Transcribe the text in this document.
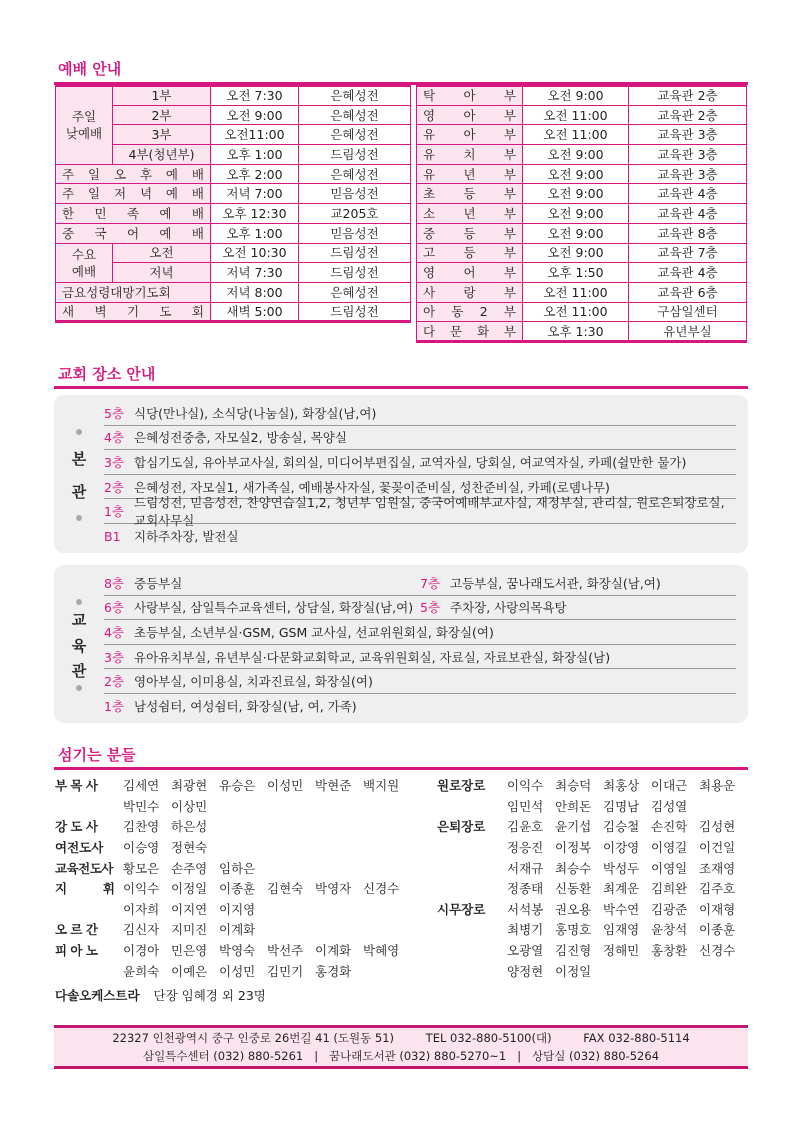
예배 안내
주일
낮예배	1부	오전 7:30	은혜성전
	2부	오전 9:00	은혜성전
	3부	오전11:00	은혜성전
	4부(청년부)	오후 1:00	드림성전
주 일 오 후 예 배		오후 2:00	은혜성전
주 일 저 녁 예 배		저녁 7:00	믿음성전
한 민 족 예 배		오후 12:30	교205호
중 국 어 예 배		오후 1:00	믿음성전
수요
예배	오전	오전 10:30	드림성전
	저녁	저녁 7:30	드림성전
금요성령대망기도회		저녁 8:00	은혜성전
새 벽 기 도 회		새벽 5:00	드림성전
탁 아 부	오전 9:00	교육관 2층
영 아 부	오전 11:00	교육관 2층
유 아 부	오전 11:00	교육관 3층
유 치 부	오전 9:00	교육관 3층
유 년 부	오전 9:00	교육관 3층
초 등 부	오전 9:00	교육관 4층
소 년 부	오전 9:00	교육관 4층
중 등 부	오전 9:00	교육관 8층
고 등 부	오전 9:00	교육관 7층
영 어 부	오후 1:50	교육관 4층
사 랑 부	오전 11:00	교육관 6층
아 동 2 부	오전 11:00	구삼일센터
다 문 화 부	오후 1:30	유년부실
교회 장소 안내
본
관
5층 식당(만나실), 소식당(나눔실), 화장실(남,여)
4층 은혜성전중층, 자모실2, 방송실, 목양실
3층 합심기도실, 유아부교사실, 회의실, 미디어부편집실, 교역자실, 당회실, 여교역자실, 카페(쉴만한 물가)
2층 은혜성전, 자모실1, 새가족실, 예배봉사자실, 꽃꽂이준비실, 성찬준비실, 카페(로뎀나무)
1층
드림성전, 믿음성전, 찬양연습실1,2, 청년부 임원실, 중국어예배부교사실, 재정부실, 관리실, 원로은퇴장로실, 교회사무실
B1	지하주차장, 발전실
교
육
관
8층 중등부실	7층 고등부실, 꿈나래도서관, 화장실(남,여)
6층 사랑부실, 삼일특수교육센터, 상담실, 화장실(남,여) 5층 주차장, 사랑의목욕탕
4층 초등부실, 소년부실·GSM, GSM 교사실, 선교위원회실, 화장실(여)
3층 유아유치부실, 유년부실·다문화교회학교, 교육위원회실, 자료실, 자료보관실, 화장실(남)
2층 영아부실, 이미용실, 치과진료실, 화장실(여)
1층 남성쉼터, 여성쉼터, 화장실(남, 여, 가족)
섬기는 분들
부 목 사	김세연 최광현 유승은 이성민 박현준 백지원
박민수 이상민
강 도 사	김찬영 하은성
여전도사	이승영 정현숙
교육전도사 황모은 손주영 임하은
지 휘 이익수 이정일 이종훈 김현숙 박영자 신경수
이자희 이지연 이지영
오 르 간	김신자 지미진 이계화
피 아 노	이경아 민은영 박영숙 박선주 이계화 박혜영
윤희숙 이예은 이성민 김민기 홍경화
다솔오케스트라 단장 임혜경 외 23명
원로장로	이익수 최승덕 최홍상 이대근 최용운
임민석 안희돈 김명남 김성열
은퇴장로	김윤호 윤기섭 김승철 손진학 김성현
정응진 이정복 이강영 이영길 이건일
서재규 최승수 박성두 이영일 조재영
정종태 신동환 최계운 김희완 김주호
시무장로	서석봉 권오용 박수연 김광준 이재형
최병기 홍명호 임재영 윤창석 이종훈
오광열 김진형 정해민 홍창환 신경수
양정현 이정일
22327 인천광역시 중구 인중로 26번길 41 (도원동 51)	TEL 032-880-5100(대)	FAX 032-880-5114
삼일특수센터 (032) 880-5261 | 꿈나래도서관 (032) 880-5270~1 | 상담실 (032) 880-5264
